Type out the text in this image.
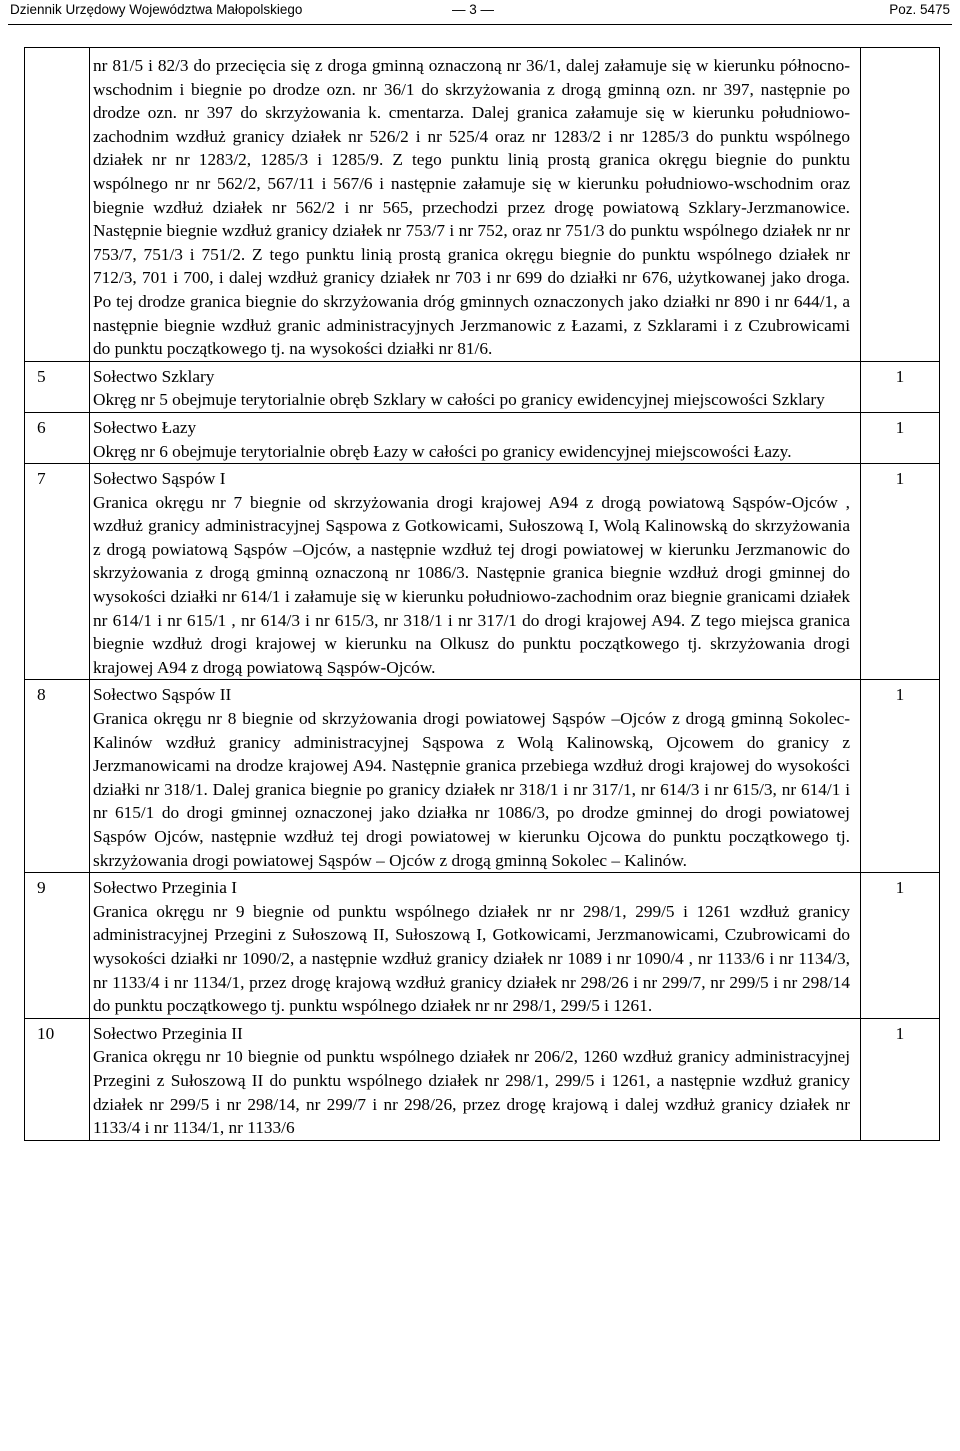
Dziennik Urzędowy Województwa Małopolskiego	— 3 —	Poz. 5475

	nr 81/5 i 82/3 do przecięcia się z droga gminną oznaczoną nr 36/1, dalej załamuje się w kierunku północno-wschodnim i biegnie po drodze ozn. nr 36/1 do skrzyżowania z drogą gminną ozn. nr 397, następnie po drodze ozn. nr 397 do skrzyżowania k. cmentarza. Dalej granica załamuje się w kierunku południowo-zachodnim wzdłuż granicy działek nr 526/2 i nr 525/4 oraz nr 1283/2 i nr 1285/3 do punktu wspólnego działek nr nr 1283/2, 1285/3 i 1285/9. Z tego punktu linią prostą granica okręgu biegnie do punktu wspólnego nr nr 562/2, 567/11 i 567/6 i następnie załamuje się w kierunku południowo-wschodnim oraz biegnie wzdłuż działek nr 562/2 i nr 565, przechodzi przez drogę powiatową Szklary-Jerzmanowice. Następnie biegnie wzdłuż granicy działek nr 753/7 i nr 752, oraz nr 751/3 do punktu wspólnego działek nr nr 753/7, 751/3 i 751/2. Z tego punktu linią prostą granica okręgu biegnie do punktu wspólnego działek nr 712/3, 701 i 700, i dalej wzdłuż granicy działek nr 703 i nr 699 do działki nr 676, użytkowanej jako droga. Po tej drodze granica biegnie do skrzyżowania dróg gminnych oznaczonych jako działki nr 890 i nr 644/1, a następnie biegnie wzdłuż granic administracyjnych Jerzmanowic z Łazami, z Szklarami i z Czubrowicami do punktu początkowego tj. na wysokości działki nr 81/6.	

5	Sołectwo Szklary

Okręg nr 5 obejmuje terytorialnie obręb Szklary w całości po granicy ewidencyjnej miejscowości Szklary	1

6	Sołectwo Łazy

Okręg nr 6 obejmuje terytorialnie obręb Łazy w całości po granicy ewidencyjnej miejscowości Łazy.	1

7	Sołectwo Sąspów I

Granica okręgu nr 7 biegnie od skrzyżowania drogi krajowej A94 z drogą powiatową Sąspów-Ojców , wzdłuż granicy administracyjnej Sąspowa z Gotkowicami, Sułoszową I, Wolą Kalinowską do skrzyżowania z drogą powiatową Sąspów –Ojców, a następnie wzdłuż tej drogi powiatowej w kierunku Jerzmanowic do skrzyżowania z drogą gminną oznaczoną nr 1086/3. Następnie granica biegnie wzdłuż drogi gminnej do wysokości działki nr 614/1 i załamuje się w kierunku południowo-zachodnim oraz biegnie granicami działek nr 614/1 i nr 615/1 , nr 614/3 i nr 615/3, nr 318/1 i nr 317/1 do drogi krajowej A94. Z tego miejsca granica biegnie wzdłuż drogi krajowej w kierunku na Olkusz do punktu początkowego tj. skrzyżowania drogi krajowej A94 z drogą powiatową Sąspów-Ojców.	1

8	Sołectwo Sąspów II

Granica okręgu nr 8 biegnie od skrzyżowania drogi powiatowej Sąspów –Ojców z drogą gminną Sokolec- Kalinów wzdłuż granicy administracyjnej Sąspowa z Wolą Kalinowską, Ojcowem do granicy z Jerzmanowicami na drodze krajowej A94. Następnie granica przebiega wzdłuż drogi krajowej do wysokości działki nr 318/1. Dalej granica biegnie po granicy działek nr 318/1 i nr 317/1, nr 614/3 i nr 615/3, nr 614/1 i nr 615/1 do drogi gminnej oznaczonej jako działka nr 1086/3, po drodze gminnej do drogi powiatowej Sąspów Ojców, następnie wzdłuż tej drogi powiatowej w kierunku Ojcowa do punktu początkowego tj. skrzyżowania drogi powiatowej Sąspów – Ojców z drogą gminną Sokolec – Kalinów.	1

9	Sołectwo Przeginia I

Granica okręgu nr 9 biegnie od punktu wspólnego działek nr nr 298/1, 299/5 i 1261 wzdłuż granicy administracyjnej Przegini z Sułoszową II, Sułoszową I, Gotkowicami, Jerzmanowicami, Czubrowicami do wysokości działki nr 1090/2, a następnie wzdłuż granicy działek nr 1089 i nr 1090/4 , nr 1133/6 i nr 1134/3, nr 1133/4 i nr 1134/1, przez drogę krajową wzdłuż granicy działek nr 298/26 i nr 299/7, nr 299/5 i nr 298/14 do punktu początkowego tj. punktu wspólnego działek nr nr 298/1, 299/5 i 1261.	1

10	Sołectwo Przeginia II

Granica okręgu nr 10 biegnie od punktu wspólnego działek nr 206/2, 1260 wzdłuż granicy administracyjnej Przegini z Sułoszową II do punktu wspólnego działek nr 298/1, 299/5 i 1261, a następnie wzdłuż granicy działek nr 299/5 i nr 298/14, nr 299/7 i nr 298/26, przez drogę krajową i dalej wzdłuż granicy działek nr 1133/4 i nr 1134/1, nr 1133/6	1
